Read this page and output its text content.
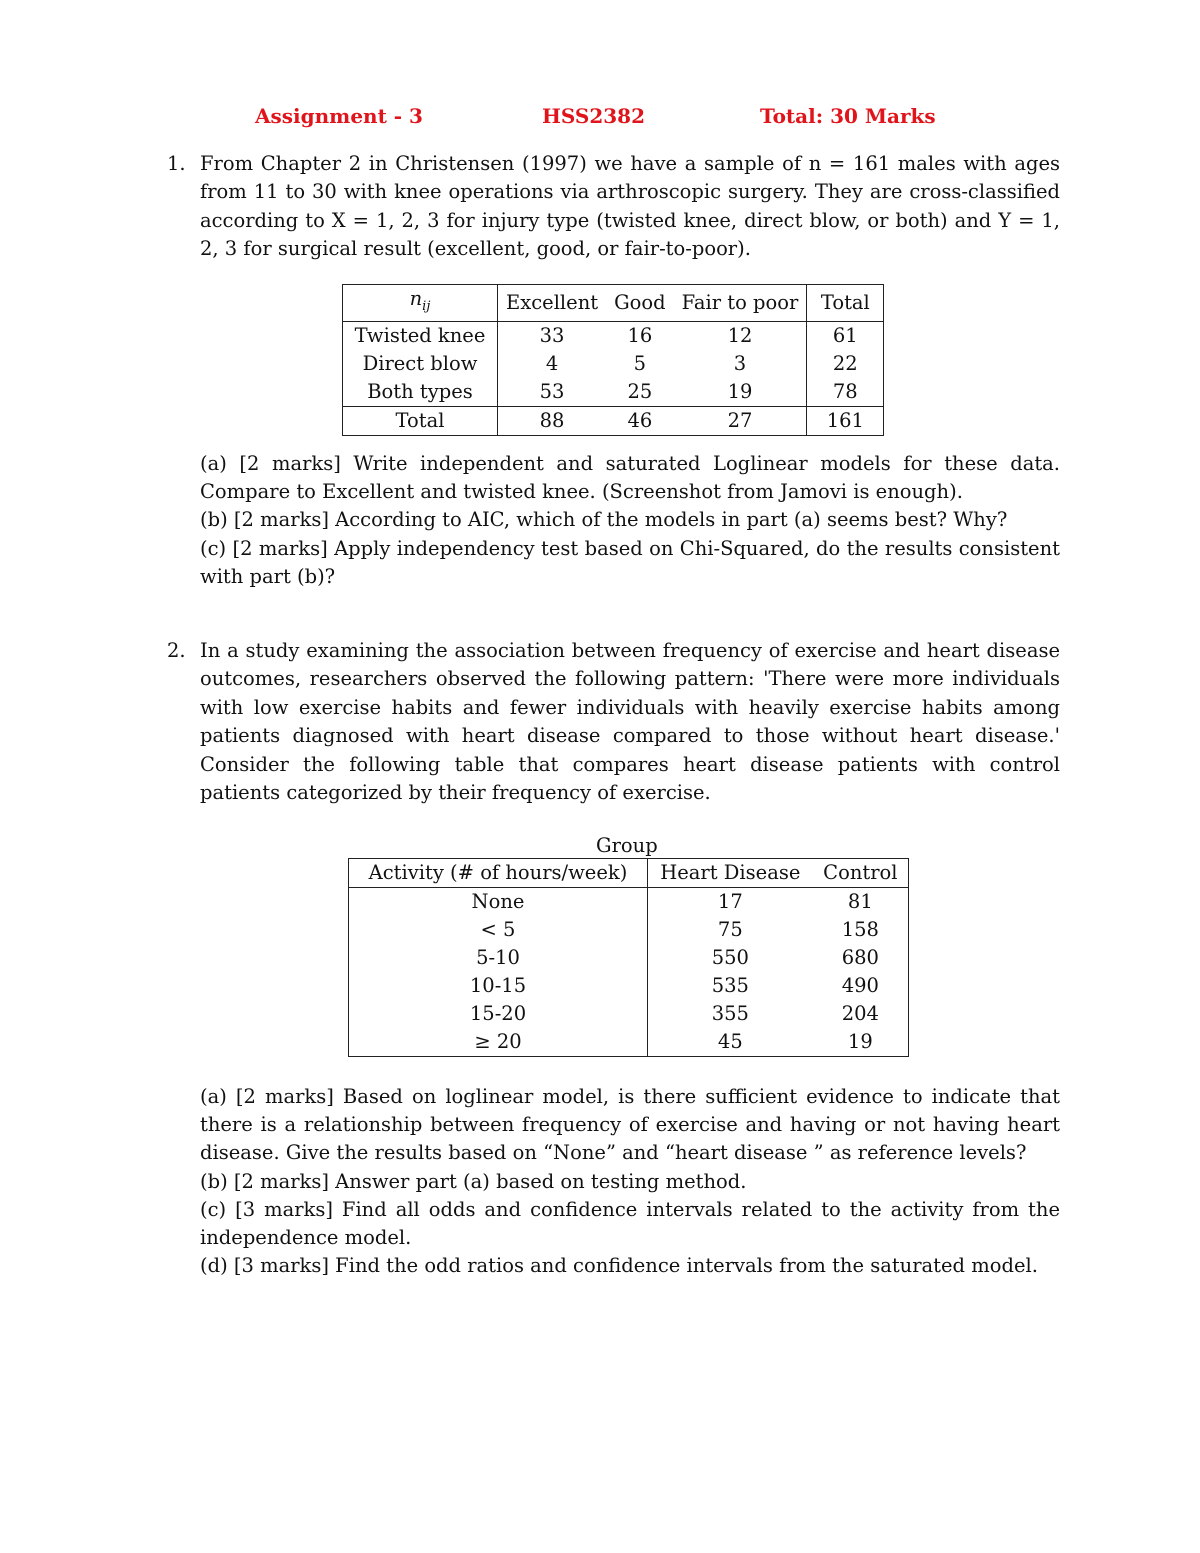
Assignment - 3	HSS2382	Total: 30 Marks
1. From Chapter 2 in Christensen (1997) we have a sample of n = 161 males with ages from 11 to 30 with knee operations via arthroscopic surgery. They are cross-classified according to X = 1, 2, 3 for injury type (twisted knee, direct blow, or both) and Y = 1, 2, 3 for surgical result (excellent, good, or fair-to-poor).
$n_{ij}$	Excellent	Good	Fair to poor	Total
Twisted knee	33	16	12	61
Direct blow	4	5	3	22
Both types	53	25	19	78
Total	88	46	27	161
(a) [2 marks] Write independent and saturated Loglinear models for these data. Compare to Excellent and twisted knee. (Screenshot from Jamovi is enough).
(b) [2 marks] According to AIC, which of the models in part (a) seems best? Why?
(c) [2 marks] Apply independency test based on Chi-Squared, do the results consistent with part (b)?
2. In a study examining the association between frequency of exercise and heart disease outcomes, researchers observed the following pattern: 'There were more individuals with low exercise habits and fewer individuals with heavily exercise habits among patients diagnosed with heart disease compared to those without heart disease.' Consider the following table that compares heart disease patients with control patients categorized by their frequency of exercise.
Group
Activity (# of hours/week)	Heart Disease	Control
None	17	81
< 5	75	158
5-10	550	680
10-15	535	490
15-20	355	204
≥ 20	45	19
(a) [2 marks] Based on loglinear model, is there sufficient evidence to indicate that there is a relationship between frequency of exercise and having or not having heart disease. Give the results based on “None” and “heart disease ” as reference levels?
(b) [2 marks] Answer part (a) based on testing method.
(c) [3 marks] Find all odds and confidence intervals related to the activity from the independence model.
(d) [3 marks] Find the odd ratios and confidence intervals from the saturated model.
